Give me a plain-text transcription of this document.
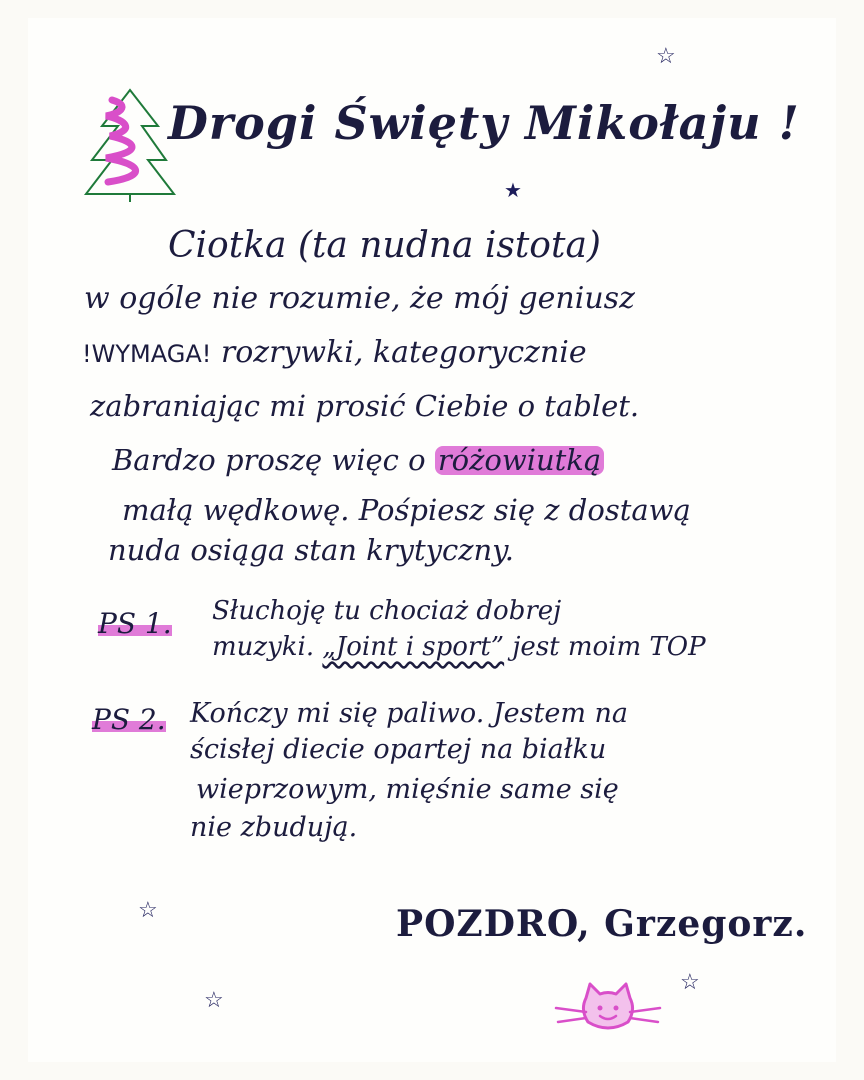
Drogi Święty Mikołaju !
Ciotka (ta nudna istota)
w ogóle nie rozumie, że mój geniusz
!WYMAGA! rozrywki, kategorycznie
zabraniając mi prosić Ciebie o tablet.
Bardzo proszę więc o różowiutką
małą wędkowę. Pośpiesz się z dostawą
nuda osiąga stan krytyczny.
PS 1. Słuchoję tu chociaż dobrej
muzyki. „Joint i sport” jest moim TOP
PS 2. Kończy mi się paliwo. Jestem na
ścisłej diecie opartej na białku
wieprzowym, mięśnie same się
nie zbudują.
POZDRO, Grzegorz.
☆
★
☆
☆
☆
